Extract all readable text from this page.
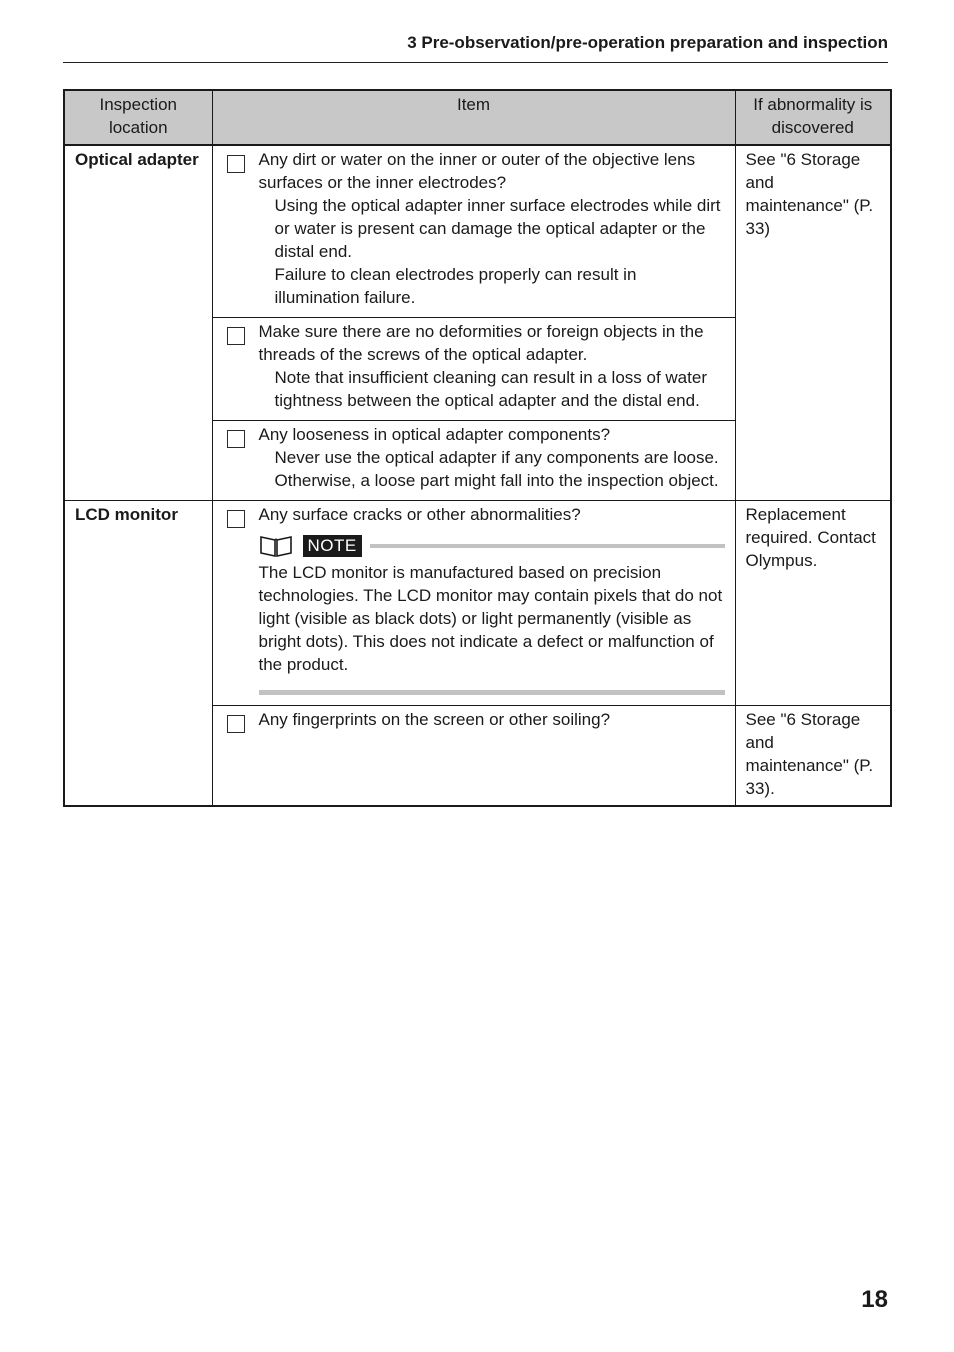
3 Pre-observation/pre-operation preparation and inspection
Inspection location	Item	If abnormality is discovered
Optical adapter	Any dirt or water on the inner or outer of the objective lens surfaces or the inner electrodes?
Using the optical adapter inner surface electrodes while dirt or water is present can damage the optical adapter or the distal end.
Failure to clean electrodes properly can result in illumination failure.	See "6 Storage and maintenance" (P. 33)

	Make sure there are no deformities or foreign objects in the threads of the screws of the optical adapter.
Note that insufficient cleaning can result in a loss of water tightness between the optical adapter and the distal end.	

	Any looseness in optical adapter components?
Never use the optical adapter if any components are loose. Otherwise, a loose part might fall into the inspection object.	

LCD monitor	Any surface cracks or other abnormalities?
NOTE
The LCD monitor is manufactured based on precision technologies. The LCD monitor may contain pixels that do not light (visible as black dots) or light permanently (visible as bright dots). This does not indicate a defect or malfunction of the product.	Replacement required. Contact Olympus.

	Any fingerprints on the screen or other soiling?	See "6 Storage and maintenance" (P. 33).
18
